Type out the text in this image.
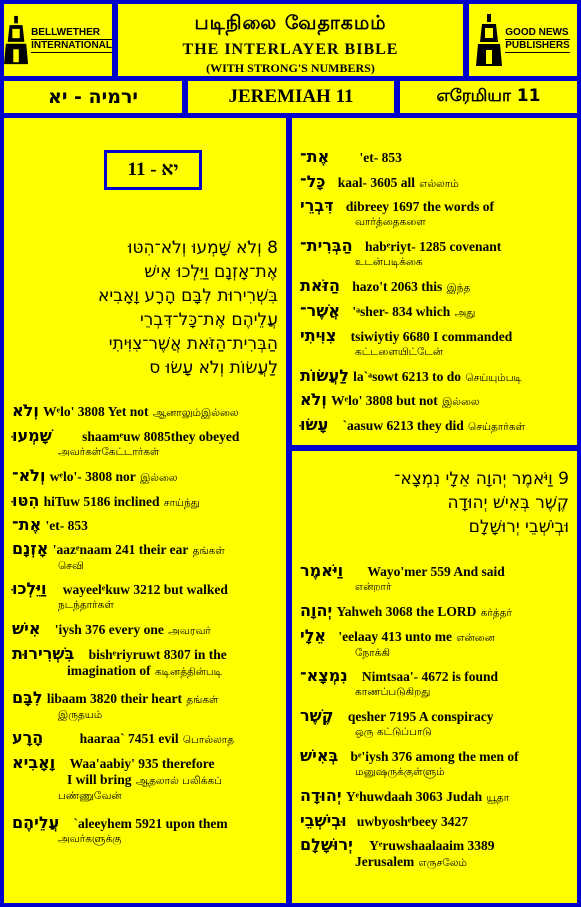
BELLWETHER
INTERNATIONAL
படிநிலை வேதாகமம்
THE INTERLAYER BIBLE
(WITH STRONG'S NUMBERS)
GOOD NEWS
PUBLISHERS
ירמיה - יא	JEREMIAH 11	எரேமியா 11
יא - 11
8 וְלֹא שָׁמְעוּ וְלֹא־הִטּוּ
אֶת־אָזְנָם וַיֵּלְכוּ אִישׁ
בִּשְׁרִירוּת לִבָּם הָרָע וָאָבִיא
עֲלֵיהֶם אֶת־כָּל־דִּבְרֵי
הַבְּרִית־הַזֹּאת אֲשֶׁר־צִוִּיתִי
לַעֲשׂוֹת וְלֹא עָשׂוּ ס
וְלֹא Wᵉlo' 3808 Yet not ஆனாலும்இல்லை
שָׁמְעוּ shaamᵉuw 8085they obeyed
அவர்கள்கேட்டார்கள்
וְלֹא־ wᵉlo'- 3808 nor இல்லை
הִטּוּ hiTuw 5186 inclined சாய்ந்து
אֶת־ 'et- 853
אָזְנָם 'aazᵉnaam 241 their ear தங்கள்
செவி
וַיֵּלְכוּ wayeelᵉkuw 3212 but walked
நடந்தார்கள்
אִישׁ 'iysh 376 every one அவரவர்
בִּשְׁרִירוּת bishᵉriyruwt 8307 in the
imagination of கடினத்தின்படி
לִבָּם libaam 3820 their heart தங்கள்
இருதயம்
הָרָע	haaraa` 7451 evil பொல்லாத
וָאָבִיא Waa'aabiy' 935 therefore
I will bring ஆதலால் பலிக்கப்
பண்ணுவேன்
עֲלֵיהֶם `aleeyhem 5921 upon them
அவர்களுக்கு
אֶת־ 'et- 853
כָּל־ kaal- 3605 all எல்லாம்
דִּבְרֵי dibreey 1697 the words of
வார்த்தைகளை
הַבְּרִית־ habᵉriyt- 1285 covenant
உடன்படிக்கை
הַזֹּאת hazo't 2063 this இந்த
אֲשֶׁר־ 'ᵃsher- 834 which அது
צִוִּיתִי tsiwiytiy 6680 I commanded
கட்டளையிட்டேன்
לַעֲשׂוֹת la`ᵃsowt 6213 to do செய்யும்படி
וְלֹא Wᵉlo' 3808 but not இல்லை
עָשׂוּ `aasuw 6213 they did செய்தார்கள்
9 וַיֹּאמֶר יְהוָה אֵלָי נִמְצָא־
קֶשֶׁר בְּאִישׁ יְהוּדָה
וּבְיֹשְׁבֵי יְרוּשָׁלִָם
וַיֹּאמֶר Wayo'mer 559 And said
என்றார்
יְהוָה Yahweh 3068 the LORD கர்த்தர்
אֵלָי 'eelaay 413 unto me என்னை
நோக்கி
נִמְצָא־ Nimtsaa'- 4672 is found
காணப்படுகிறது
קֶשֶׁר qesher 7195 A conspiracy
ஒரு கட்டுப்பாடு
בְּאִישׁ bᵉ'iysh 376 among the men of
மனுஷருக்குள்ளும்
יְהוּדָה Yᵉhuwdaah 3063 Judah யூதா
וּבְיֹשְׁבֵי uwbyoshᵉbeey 3427
יְרוּשָׁלִָם Yᵉruwshaalaaim 3389
Jerusalem எருசலேம்
